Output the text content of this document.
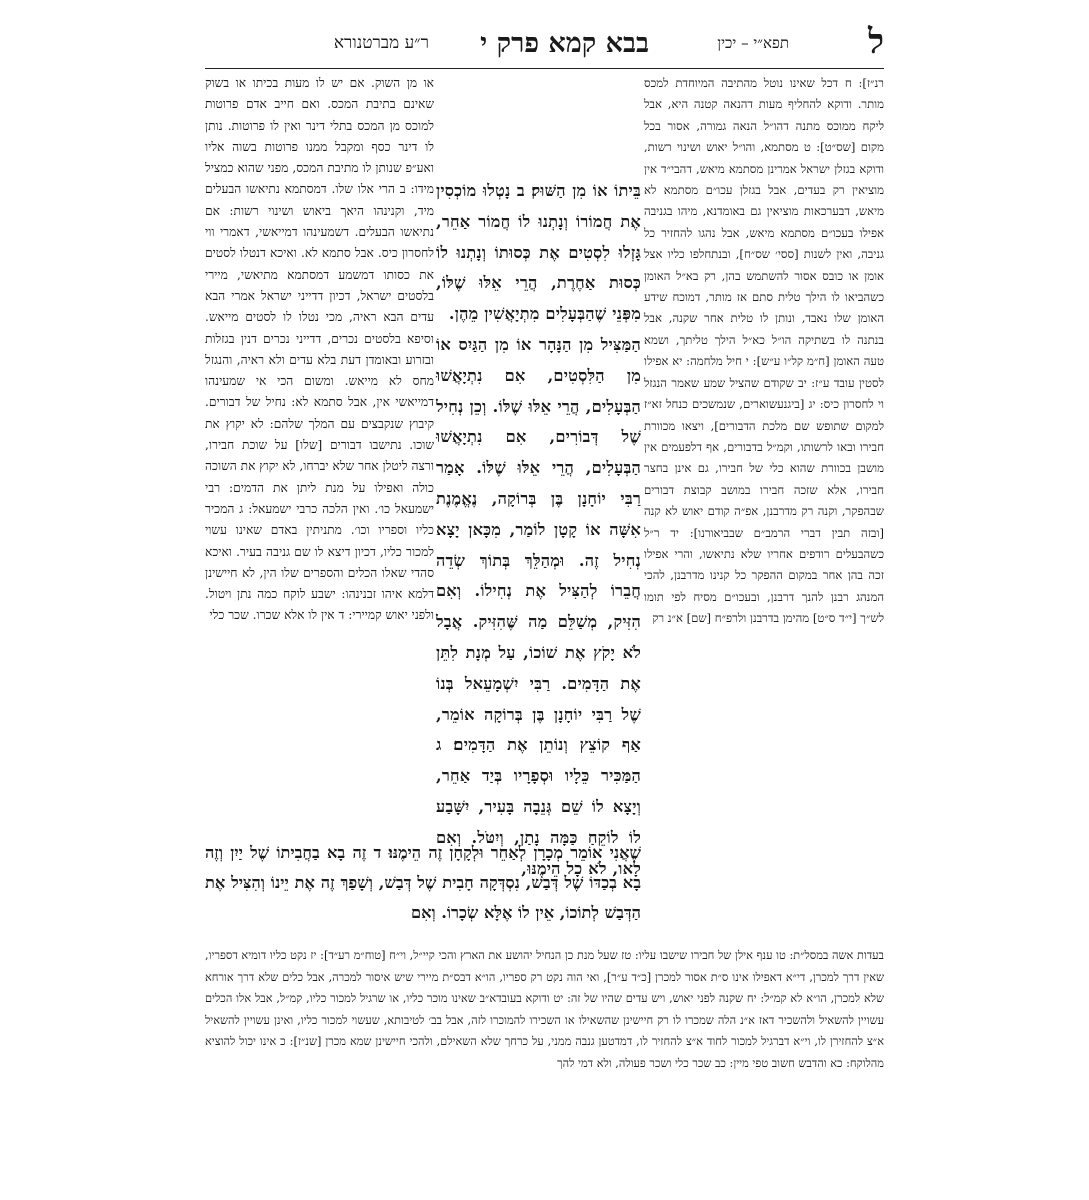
ל
תפא״י – יכין
בבא קמא פרק י
ר״ע מברטנורא

רנ״ז]: ח דכל שאינו נוטל מהתיבה המיוחדת למכס מותר. ודוקא להחליף מעות דהנאה קטנה היא, אבל ליקח ממוכס מתנה דהו״ל הנאה גמורה, אסור בכל מקום [שס״ט]: ט מסתמא, והו״ל יאוש ושינוי רשות, ודוקא בגזלן ישראל אמרינן מסתמא מיאש, דהבי״ד אין מוציאין רק בעדים, אבל בגזלן עכו״ם מסתמא לא מיאש, דבערכאות מוציאין גם באומדנא, מיהו בגניבה אפילו בעכו״ם מסתמא מיאש, אבל נהגו להחזיר כל גניבה, ואין לשנות [ססי׳ שס״ח], ובנתחלפו כליו אצל אומן או כובס אסור להשתמש בהן, רק בא״ל האומן כשהביאו לו הילך טלית סתם אז מותר, דמוכח שידע האומן שלו נאבד, ונותן לו טלית אחר שקנה, אבל בנתנה לו בשתיקה הו״ל כא״ל הילך טליתך, ושמא טעה האומן [ח״מ קל״ו ע״ש]: י חיל מלחמה: יא אפילו לסטין עובד ע״ז: יב שקודם שהציל שמע שאמר הנגזל וי לחסרון כיס: יג [ביגנעשוארים, שנמשכים כנחל זא״ז למקום שתופש שם מלכת הדבורים], ויצאו מכוורת חבירו ובאו לרשותו, וקמ״ל בדבורים, אף דלפעמים אין מושבן בכוורת שהוא כלי של חבירו, גם אינן בחצר חבירו, אלא שזכה חבירו במושב קבוצת דבורים שבהפקר, וקנה רק מדרבנן, אפ״ה קודם יאוש לא קנה [ובזה תבין דברי הרמב״ם שבביאורנו]: יד ר״ל כשהבעלים רודפים אחריו שלא נתיאשו, והרי אפילו זכה בהן אחר במקום ההפקר כל קנינו מדרבנן, להכי המנהג רבנן להנך דרבנן, ובעכו״ם מסיח לפי תומו לש״ך [י״ד ס״ט] מהימן בדרבנן ולרפ״ח [שם] א״נ רק

או מן השוק. אם יש לו מעות בכיתו או בשוק שאינם בתיבת המכס. ואם חייב אדם פרוטות למוכס מן המכס בתלי דינר ואין לו פרוטות. נותן לו דינר כסף ומקבל ממנו פרוטות בשוה אליו ואע״פ שנותן לו מתיבת המכס, מפני שהוא כמציל מידו: ב הרי אלו שלו. דמסתמא נתיאשו הבעלים מיד, וקנינהו היאך ביאוש ושינוי רשות: אם נתיאשו הבעלים. דשמעינהו דמייאשי, דאמרי ווי לחסרון כיס. אבל סתמא לא. ואיכא דנטלו לסטים את כסותו דמשמע דמסתמא מתיאשי, מיירי בלסטים ישראל, דכיון דדייני ישראל אמרי הבא עדים הבא ראיה, מכי נטלו לו לסטים מייאש. וסיפא בלסטים נכרים, דדייני נכרים דנין בגזלות ובזרוע ובאומדן דעת בלא עדים ולא ראיה, והנגזל מחס לא מייאש. ומשום הכי אי שמעינהו דמייאשי אין, אבל סתמא לא: נחיל של דבורים. קיבוץ שנקבצים עם המלך שלהם: לא יקוץ את שוכו. נתישבו דבורים [שלו] על שוכת חבירו, ורצה ליטלן אחר שלא יברחו, לא יקוץ את השוכה כולה ואפילו על מנת ליתן את הדמים: רבי ישמעאל כו׳. ואין הלכה כרבי ישמעאל: ג המכיר כליו וספריו וכו׳. מתניתין באדם שאינו עשוי למכור כליו, דכיון דיצא לו שם גניבה בעיר. ואיכא סהדי שאלו הכלים והספרים שלו הין, לא חיישינן דלמא איהו זבנינהו: ישבע לוקח כמה נתן ויטול. ולפני יאוש קמיירי: ד אין לו אלא שכרו. שכר כלי

בֵּיתוֹ אוֹ מִן הַשּׁוּק׃ ב נָטְלוּ מוֹכְסִין אֶת חֲמוֹרוֹ וְנָתְנוּ לוֹ חֲמוֹר אַחֵר, גָּזְלוּ לִסְטִים אֶת כְּסוּתוֹ וְנָתְנוּ לוֹ כְּסוּת אַחֶרֶת, הֲרֵי אֵלּוּ שֶׁלּוֹ, מִפְּנֵי שֶׁהַבְּעָלִים מִתְיָאֲשִׁין מֵהֶן.

הַמַּצִּיל מִן הַנָּהָר אוֹ מִן הַגַּיִס אוֹ מִן הַלִּסְטִים, אִם נִתְיָאֲשׁוּ הַבְּעָלִים, הֲרֵי אֵלּוּ שֶׁלּוֹ. וְכֵן נְחִיל שֶׁל דְּבוֹרִים, אִם נִתְיָאֲשׁוּ הַבְּעָלִים, הֲרֵי אֵלּוּ שֶׁלּוֹ. אָמַר רַבִּי יוֹחָנָן בֶּן בְּרוֹקָה, נֶאֱמֶנֶת אִשָּׁה אוֹ קָטָן לוֹמַר, מִכָּאן יָצָא נְחִיל זֶה. וּמְהַלֵּךְ בְּתוֹךְ שְׂדֵה חֲבֵרוֹ לְהַצִּיל אֶת נְחִילוֹ. וְאִם הִזִּיק, מְשַׁלֵּם מַה שֶּׁהִזִּיק. אֲבָל לֹא יָקֹץ אֶת שׁוֹכוֹ, עַל מְנָת לִתֵּן אֶת הַדָּמִים. רַבִּי יִשְׁמָעֵאל בְּנוֹ שֶׁל רַבִּי יוֹחָנָן בֶּן בְּרוֹקָה אוֹמֵר, אַף קוֹצֵץ וְנוֹתֵן אֶת הַדָּמִים׃ ג הַמַּכִּיר כֵּלָיו וּסְפָרָיו בְּיַד אַחֵר, וְיָצָא לוֹ שֵׁם גְּנֵבָה בָּעִיר, יִשָּׁבַע לוֹ לוֹקֵחַ כַּמָּה נָתַן, וְיִטֹּל. וְאִם לָאו, לֹא כָל הֵימֶנּוּ,

שֶׁאֲנִי אוֹמֵר מְכָרָן לְאַחֵר וּלְקָחָן זֶה הֵימֶנּוּ׃ ד זֶה בָא בַחֲבִיתוֹ שֶׁל יַיִן וְזֶה בָא בְכַדּוֹ שֶׁל דְּבַשׁ, נִסְדְּקָה חָבִית שֶׁל דְּבַשׁ, וְשָׁפַךְ זֶה אֶת יֵינוֹ וְהִצִּיל אֶת הַדְּבַשׁ לְתוֹכוֹ, אֵין לוֹ אֶלָּא שְׂכָרוֹ. וְאִם

בעדות אשה במסל״ת: טו ענף אילן של חבירו שישבו עליו: טז שעל מנת כן הנחיל יהושע את הארץ והכי קיי״ל, וי״ח [טוח״מ רע״ד]: יז נקט כליו דומיא דספריו, שאין דרך למכרן, די״א דאפילו אינו ס״ת אסור למכרן [כ״ד ע״ר], ואי הוה נקט רק ספריו, הו״א דבס״ת מיירי שיש איסור למכרה, אבל כלים שלא דרך אורחא שלא למכרן, הו״א לא קמ״ל: יח שקנה לפני יאוש, ויש עדים שהיו של זה: יט ודוקא בעובדא״ב שאינו מוכר כליו, או שרגיל למכור כליו, קמ״ל, אבל אלו הכלים עשויין להשאיל ולהשכיר דאז א״נ הלה שמכרו לו רק חיישינן שהשאילו או השכירו להמוכרו לזה, אבל בב׳ לטיבותא, שעשוי למכור כליו, ואינן עשויין להשאיל א״צ להחזירן לו, וי״א דברגיל למכור לחוד א״צ להחזיר לו, דמדטען גנבה ממני, על כרחך שלא השאילם, ולהכי חיישינן שמא מכרן [שנ״ז]: כ אינו יכול להוציא מהלוקח: כא והדבש חשוב טפי מיין: כב שכר כלי ושכר פעולה, ולא דמי להך
